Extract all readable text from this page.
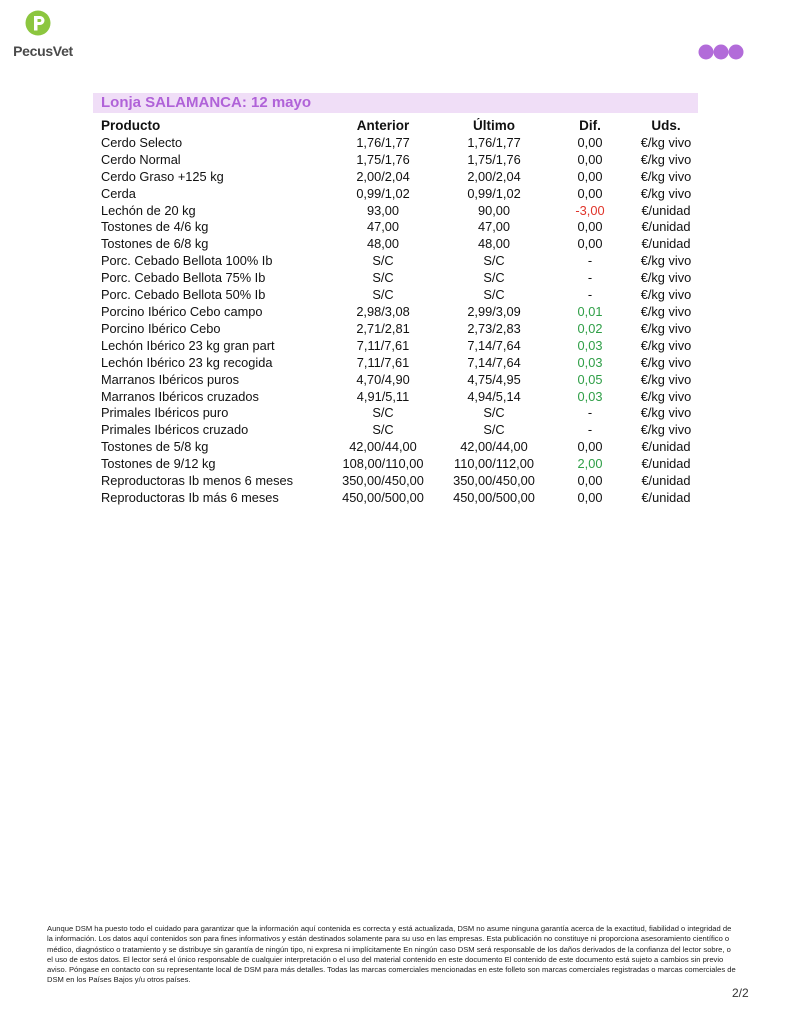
PecusVet
Lonja SALAMANCA: 12 mayo
Producto	Anterior	Último	Dif.	Uds.
Cerdo Selecto	1,76/1,77	1,76/1,77	0,00	€/kg vivo
Cerdo Normal	1,75/1,76	1,75/1,76	0,00	€/kg vivo
Cerdo Graso +125 kg	2,00/2,04	2,00/2,04	0,00	€/kg vivo
Cerda	0,99/1,02	0,99/1,02	0,00	€/kg vivo
Lechón de 20 kg	93,00	90,00	-3,00	€/unidad
Tostones de 4/6 kg	47,00	47,00	0,00	€/unidad
Tostones de 6/8 kg	48,00	48,00	0,00	€/unidad
Porc. Cebado Bellota 100% Ib	S/C	S/C	-	€/kg vivo
Porc. Cebado Bellota 75% Ib	S/C	S/C	-	€/kg vivo
Porc. Cebado Bellota 50% Ib	S/C	S/C	-	€/kg vivo
Porcino Ibérico Cebo campo	2,98/3,08	2,99/3,09	0,01	€/kg vivo
Porcino Ibérico Cebo	2,71/2,81	2,73/2,83	0,02	€/kg vivo
Lechón Ibérico 23 kg gran part	7,11/7,61	7,14/7,64	0,03	€/kg vivo
Lechón Ibérico 23 kg recogida	7,11/7,61	7,14/7,64	0,03	€/kg vivo
Marranos Ibéricos puros	4,70/4,90	4,75/4,95	0,05	€/kg vivo
Marranos Ibéricos cruzados	4,91/5,11	4,94/5,14	0,03	€/kg vivo
Primales Ibéricos puro	S/C	S/C	-	€/kg vivo
Primales Ibéricos cruzado	S/C	S/C	-	€/kg vivo
Tostones de 5/8 kg	42,00/44,00	42,00/44,00	0,00	€/unidad
Tostones de 9/12 kg	108,00/110,00	110,00/112,00	2,00	€/unidad
Reproductoras Ib menos 6 meses	350,00/450,00	350,00/450,00	0,00	€/unidad
Reproductoras Ib más 6 meses	450,00/500,00	450,00/500,00	0,00	€/unidad
Aunque DSM ha puesto todo el cuidado para garantizar que la información aquí contenida es correcta y está actualizada, DSM no asume ninguna garantía acerca de la exactitud, fiabilidad o integridad de la información. Los datos aquí contenidos son para fines informativos y están destinados solamente para su uso en las empresas. Esta publicación no constituye ni proporciona asesoramiento científico o médico, diagnóstico o tratamiento y se distribuye sin garantía de ningún tipo, ni expresa ni implícitamente En ningún caso DSM será responsable de los daños derivados de la confianza del lector sobre, o el uso de estos datos. El lector será el único responsable de cualquier interpretación o el uso del material contenido en este documento El contenido de este documento está sujeto a cambios sin previo aviso. Póngase en contacto con su representante local de DSM para más detalles. Todas las marcas comerciales mencionadas en este folleto son marcas comerciales registradas o marcas comerciales de DSM en los Países Bajos y/u otros países.
2/2
